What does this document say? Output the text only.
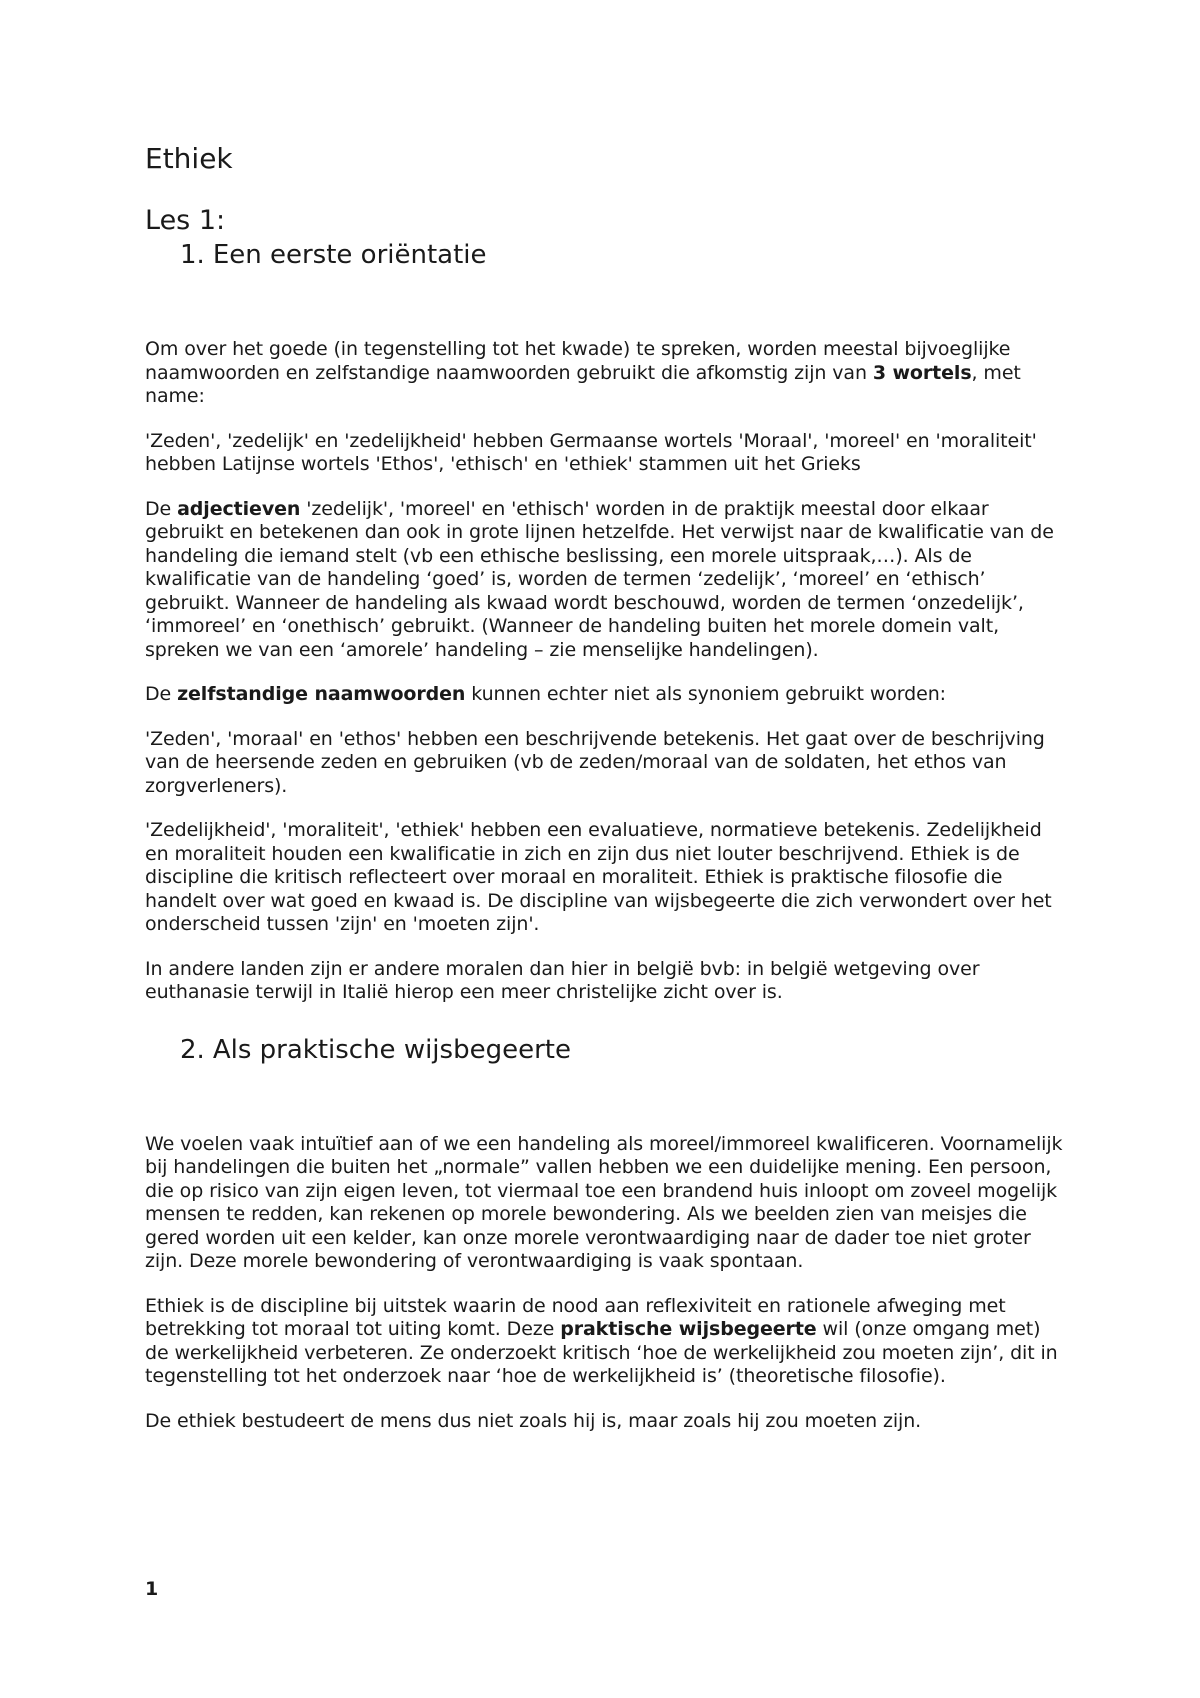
Ethiek
Les 1:
1. Een eerste oriëntatie

Om over het goede (in tegenstelling tot het kwade) te spreken, worden meestal bijvoeglijke naamwoorden en zelfstandige naamwoorden gebruikt die afkomstig zijn van 3 wortels, met name:

'Zeden', 'zedelijk' en 'zedelijkheid' hebben Germaanse wortels 'Moraal', 'moreel' en 'moraliteit' hebben Latijnse wortels 'Ethos', 'ethisch' en 'ethiek' stammen uit het Grieks

De adjectieven 'zedelijk', 'moreel' en 'ethisch' worden in de praktijk meestal door elkaar gebruikt en betekenen dan ook in grote lijnen hetzelfde. Het verwijst naar de kwalificatie van de handeling die iemand stelt (vb een ethische beslissing, een morele uitspraak,…). Als de kwalificatie van de handeling ‘goed’ is, worden de termen ‘zedelijk’, ‘moreel’ en ‘ethisch’ gebruikt. Wanneer de handeling als kwaad wordt beschouwd, worden de termen ‘onzedelijk’, ‘immoreel’ en ‘onethisch’ gebruikt. (Wanneer de handeling buiten het morele domein valt, spreken we van een ‘amorele’ handeling – zie menselijke handelingen).

De zelfstandige naamwoorden kunnen echter niet als synoniem gebruikt worden:

'Zeden', 'moraal' en 'ethos' hebben een beschrijvende betekenis. Het gaat over de beschrijving van de heersende zeden en gebruiken (vb de zeden/moraal van de soldaten, het ethos van zorgverleners).

'Zedelijkheid', 'moraliteit', 'ethiek' hebben een evaluatieve, normatieve betekenis. Zedelijkheid en moraliteit houden een kwalificatie in zich en zijn dus niet louter beschrijvend. Ethiek is de discipline die kritisch reflecteert over moraal en moraliteit. Ethiek is praktische filosofie die handelt over wat goed en kwaad is. De discipline van wijsbegeerte die zich verwondert over het onderscheid tussen 'zijn' en 'moeten zijn'.

In andere landen zijn er andere moralen dan hier in belgië bvb: in belgië wetgeving over euthanasie terwijl in Italië hierop een meer christelijke zicht over is.

2. Als praktische wijsbegeerte

We voelen vaak intuïtief aan of we een handeling als moreel/immoreel kwalificeren. Voornamelijk bij handelingen die buiten het „normale” vallen hebben we een duidelijke mening. Een persoon, die op risico van zijn eigen leven, tot viermaal toe een brandend huis inloopt om zoveel mogelijk mensen te redden, kan rekenen op morele bewondering. Als we beelden zien van meisjes die gered worden uit een kelder, kan onze morele verontwaardiging naar de dader toe niet groter zijn. Deze morele bewondering of verontwaardiging is vaak spontaan.

Ethiek is de discipline bij uitstek waarin de nood aan reflexiviteit en rationele afweging met betrekking tot moraal tot uiting komt. Deze praktische wijsbegeerte wil (onze omgang met) de werkelijkheid verbeteren. Ze onderzoekt kritisch ‘hoe de werkelijkheid zou moeten zijn’, dit in tegenstelling tot het onderzoek naar ‘hoe de werkelijkheid is’ (theoretische filosofie).

De ethiek bestudeert de mens dus niet zoals hij is, maar zoals hij zou moeten zijn.

1
